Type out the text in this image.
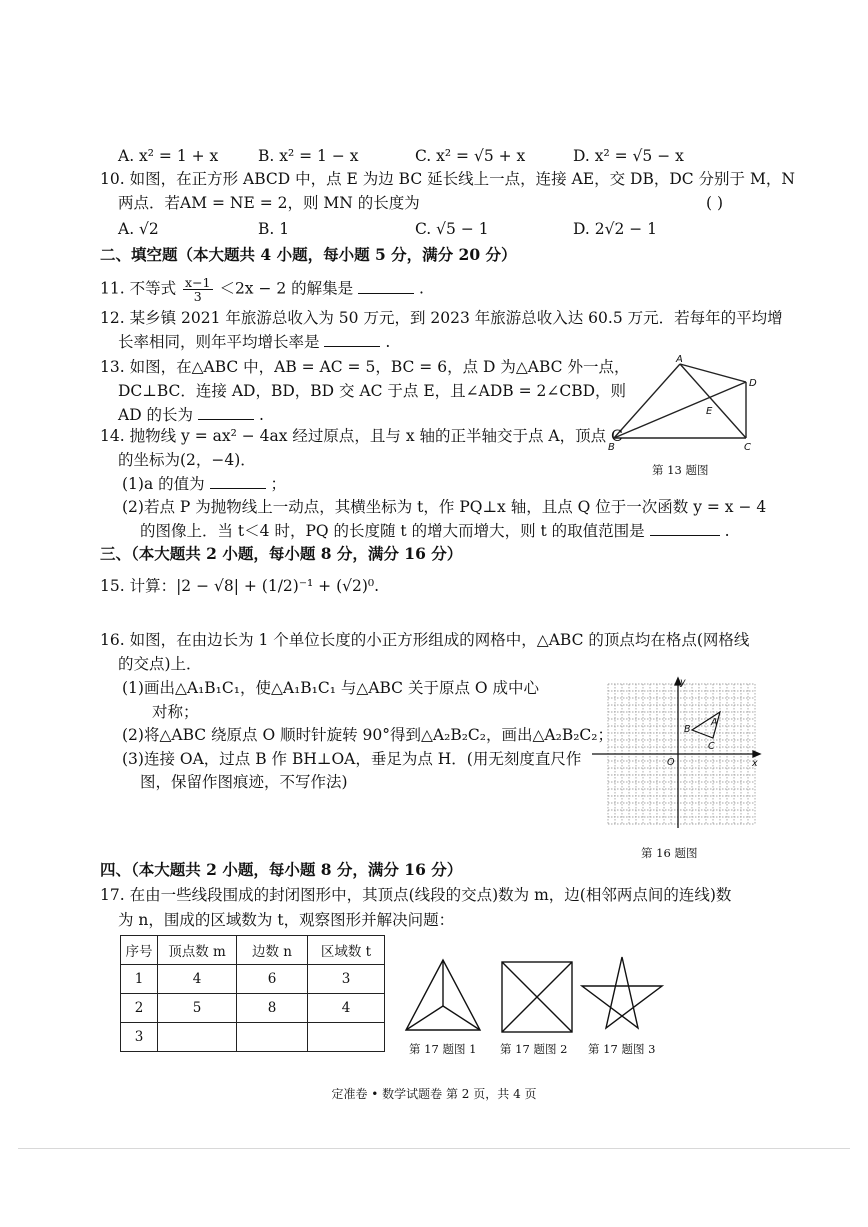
A. x² = 1 + x	B. x² = 1 − x	C. x² = √5 + x	D. x² = √5 − x
10. 如图，在正方形 ABCD 中，点 E 为边 BC 延长线上一点，连接 AE，交 DB，DC 分别于 M，N
两点．若AM = NE = 2，则 MN 的长度为	( )
A. √2	B. 1	C. √5 − 1	D. 2√2 − 1
二、填空题（本大题共 4 小题，每小题 5 分，满分 20 分）
11. 不等式 $\frac{x-1}{3} <2x - 2$ 的解集是	.
12. 某乡镇 2021 年旅游总收入为 50 万元，到 2023 年旅游总收入达 60.5 万元．若每年的平均增
长率相同，则年平均增长率是	.
13. 如图，在△ABC 中，AB = AC = 5，BC = 6，点 D 为△ABC 外一点，
DC⊥BC．连接 AD，BD，BD 交 AC 于点 E，且∠ADB = 2∠CBD，则
AD 的长为	.
A
B	C
D
E
第 13 题图
14. 抛物线 y = ax² − 4ax 经过原点，且与 x 轴的正半轴交于点 A，顶点 C
的坐标为(2，−4)．
(1)a 的值为	；
(2)若点 P 为抛物线上一动点，其横坐标为 t，作 PQ⊥x 轴，且点 Q 位于一次函数 y = x − 4
的图像上．当 t＜4 时，PQ 的长度随 t 的增大而增大，则 t 的取值范围是	.
三、（本大题共 2 小题，每小题 8 分，满分 16 分）
15. 计算：|2 − √8| + (1/2)⁻¹ + (√2)⁰.
16. 如图，在由边长为 1 个单位长度的小正方形组成的网格中，△ABC 的顶点均在格点(网格线
的交点)上．
(1)画出△A₁B₁C₁，使△A₁B₁C₁ 与△ABC 关于原点 O 成中心
对称；
(2)将△ABC 绕原点 O 顺时针旋转 90°得到△A₂B₂C₂，画出△A₂B₂C₂；
(3)连接 OA，过点 B 作 BH⊥OA，垂足为点 H．(用无刻度直尺作
图，保留作图痕迹，不写作法)
y
x
O
A
B
C
第 16 题图
四、（本大题共 2 小题，每小题 8 分，满分 16 分）
17. 在由一些线段围成的封闭图形中，其顶点(线段的交点)数为 m，边(相邻两点间的连线)数
为 n，围成的区域数为 t，观察图形并解决问题：
序号	顶点数 m	边数 n	区域数 t
1	4	6	3
2	5	8	4
3			
第 17 题图 1 第 17 题图 2 第 17 题图 3
定准卷 • 数学试题卷 第 2 页，共 4 页
